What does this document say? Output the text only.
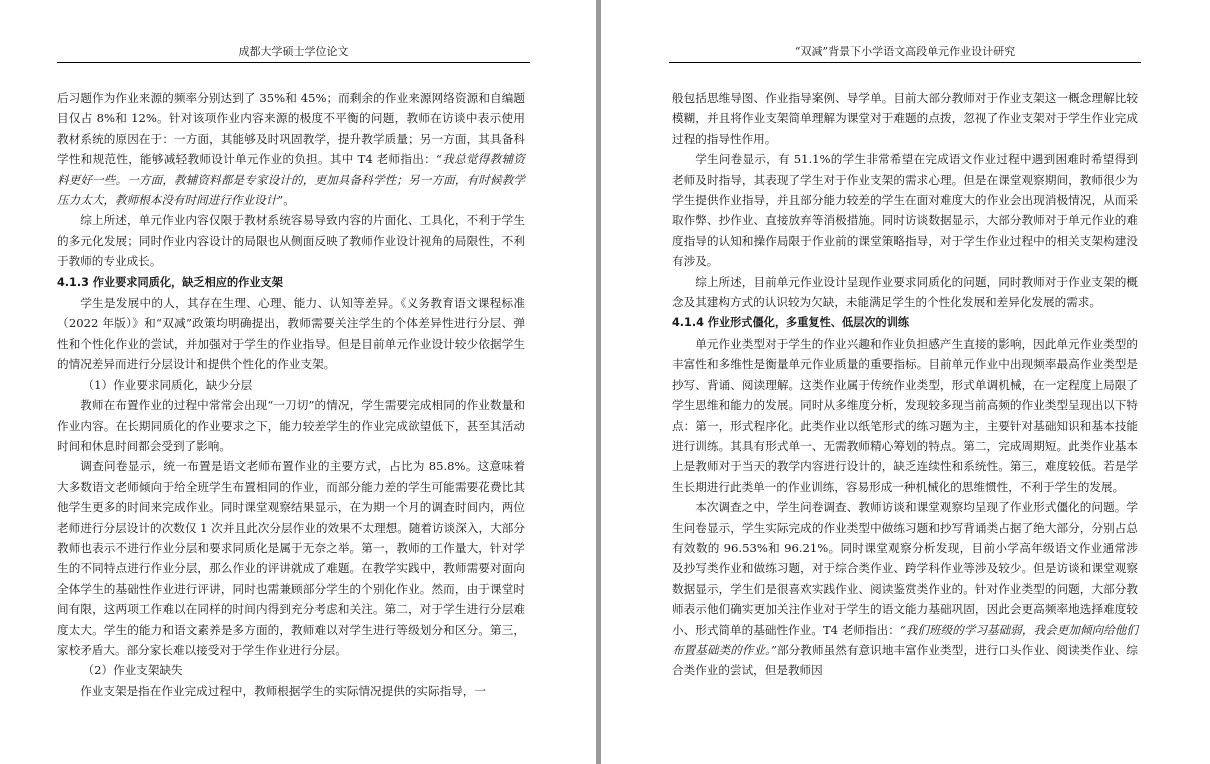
成都大学硕士学位论文

后习题作为作业来源的频率分别达到了 35%和 45%；而剩余的作业来源网络资源和自编题目仅占 8%和 12%。针对该项作业内容来源的极度不平衡的问题，教师在访谈中表示使用教材系统的原因在于：一方面，其能够及时巩固教学，提升教学质量；另一方面，其具备科学性和规范性，能够减轻教师设计单元作业的负担。其中 T4 老师指出：“我总觉得教辅资料更好一些。一方面，教辅资料都是专家设计的，更加具备科学性；另一方面，有时候教学压力太大，教师根本没有时间进行作业设计”。

综上所述，单元作业内容仅限于教材系统容易导致内容的片面化、工具化，不利于学生的多元化发展；同时作业内容设计的局限也从侧面反映了教师作业设计视角的局限性，不利于教师的专业成长。

4.1.3 作业要求同质化，缺乏相应的作业支架

学生是发展中的人，其存在生理、心理、能力、认知等差异。《义务教育语文课程标准（2022 年版）》和“双减”政策均明确提出，教师需要关注学生的个体差异性进行分层、弹性和个性化作业的尝试，并加强对于学生的作业指导。但是目前单元作业设计较少依据学生的情况差异而进行分层设计和提供个性化的作业支架。

（1）作业要求同质化，缺少分层

教师在布置作业的过程中常常会出现“一刀切”的情况，学生需要完成相同的作业数量和作业内容。在长期同质化的作业要求之下，能力较差学生的作业完成欲望低下，甚至其活动时间和休息时间都会受到了影响。

调查问卷显示，统一布置是语文老师布置作业的主要方式，占比为 85.8%。这意味着大多数语文老师倾向于给全班学生布置相同的作业，而部分能力差的学生可能需要花费比其他学生更多的时间来完成作业。同时课堂观察结果显示，在为期一个月的调查时间内，两位老师进行分层设计的次数仅 1 次并且此次分层作业的效果不太理想。随着访谈深入，大部分教师也表示不进行作业分层和要求同质化是属于无奈之举。第一，教师的工作量大，针对学生的不同特点进行作业分层，那么作业的评讲就成了难题。在教学实践中，教师需要对面向全体学生的基础性作业进行评讲，同时也需兼顾部分学生的个别化作业。然而，由于课堂时间有限，这两项工作难以在同样的时间内得到充分考虑和关注。第二，对于学生进行分层难度太大。学生的能力和语文素养是多方面的，教师难以对学生进行等级划分和区分。第三，家校矛盾大。部分家长难以接受对于学生作业进行分层。

（2）作业支架缺失

作业支架是指在作业完成过程中，教师根据学生的实际情况提供的实际指导，一

“双减”背景下小学语文高段单元作业设计研究

般包括思维导图、作业指导案例、导学单。目前大部分教师对于作业支架这一概念理解比较模糊，并且将作业支架简单理解为课堂对于难题的点拨，忽视了作业支架对于学生作业完成过程的指导性作用。

学生问卷显示，有 51.1%的学生非常希望在完成语文作业过程中遇到困难时希望得到老师及时指导，其表现了学生对于作业支架的需求心理。但是在课堂观察期间，教师很少为学生提供作业指导，并且部分能力较差的学生在面对难度大的作业会出现消极情况，从而采取作弊、抄作业、直接放弃等消极措施。同时访谈数据显示，大部分教师对于单元作业的难度指导的认知和操作局限于作业前的课堂策略指导，对于学生作业过程中的相关支架构建没有涉及。

综上所述，目前单元作业设计呈现作业要求同质化的问题，同时教师对于作业支架的概念及其建构方式的认识较为欠缺，未能满足学生的个性化发展和差异化发展的需求。

4.1.4 作业形式僵化，多重复性、低层次的训练

单元作业类型对于学生的作业兴趣和作业负担感产生直接的影响，因此单元作业类型的丰富性和多维性是衡量单元作业质量的重要指标。目前单元作业中出现频率最高作业类型是抄写、背诵、阅读理解。这类作业属于传统作业类型，形式单调机械，在一定程度上局限了学生思维和能力的发展。同时从多维度分析，发现较多现当前高频的作业类型呈现出以下特点：第一，形式程序化。此类作业以纸笔形式的练习题为主，主要针对基础知识和基本技能进行训练。其具有形式单一、无需教师精心筹划的特点。第二，完成周期短。此类作业基本上是教师对于当天的教学内容进行设计的，缺乏连续性和系统性。第三，难度较低。若是学生长期进行此类单一的作业训练，容易形成一种机械化的思维惯性，不利于学生的发展。

本次调查之中，学生问卷调查、教师访谈和课堂观察均呈现了作业形式僵化的问题。学生问卷显示，学生实际完成的作业类型中做练习题和抄写背诵类占据了绝大部分，分别占总有效数的 96.53%和 96.21%。同时课堂观察分析发现，目前小学高年级语文作业通常涉及抄写类作业和做练习题，对于综合类作业、跨学科作业等涉及较少。但是访谈和课堂观察数据显示，学生们是很喜欢实践作业、阅读鉴赏类作业的。针对作业类型的问题，大部分教师表示他们确实更加关注作业对于学生的语文能力基础巩固，因此会更高频率地选择难度较小、形式简单的基础性作业。T4 老师指出：“我们班级的学习基础弱，我会更加倾向给他们布置基础类的作业。”部分教师虽然有意识地丰富作业类型，进行口头作业、阅读类作业、综合类作业的尝试，但是教师因
